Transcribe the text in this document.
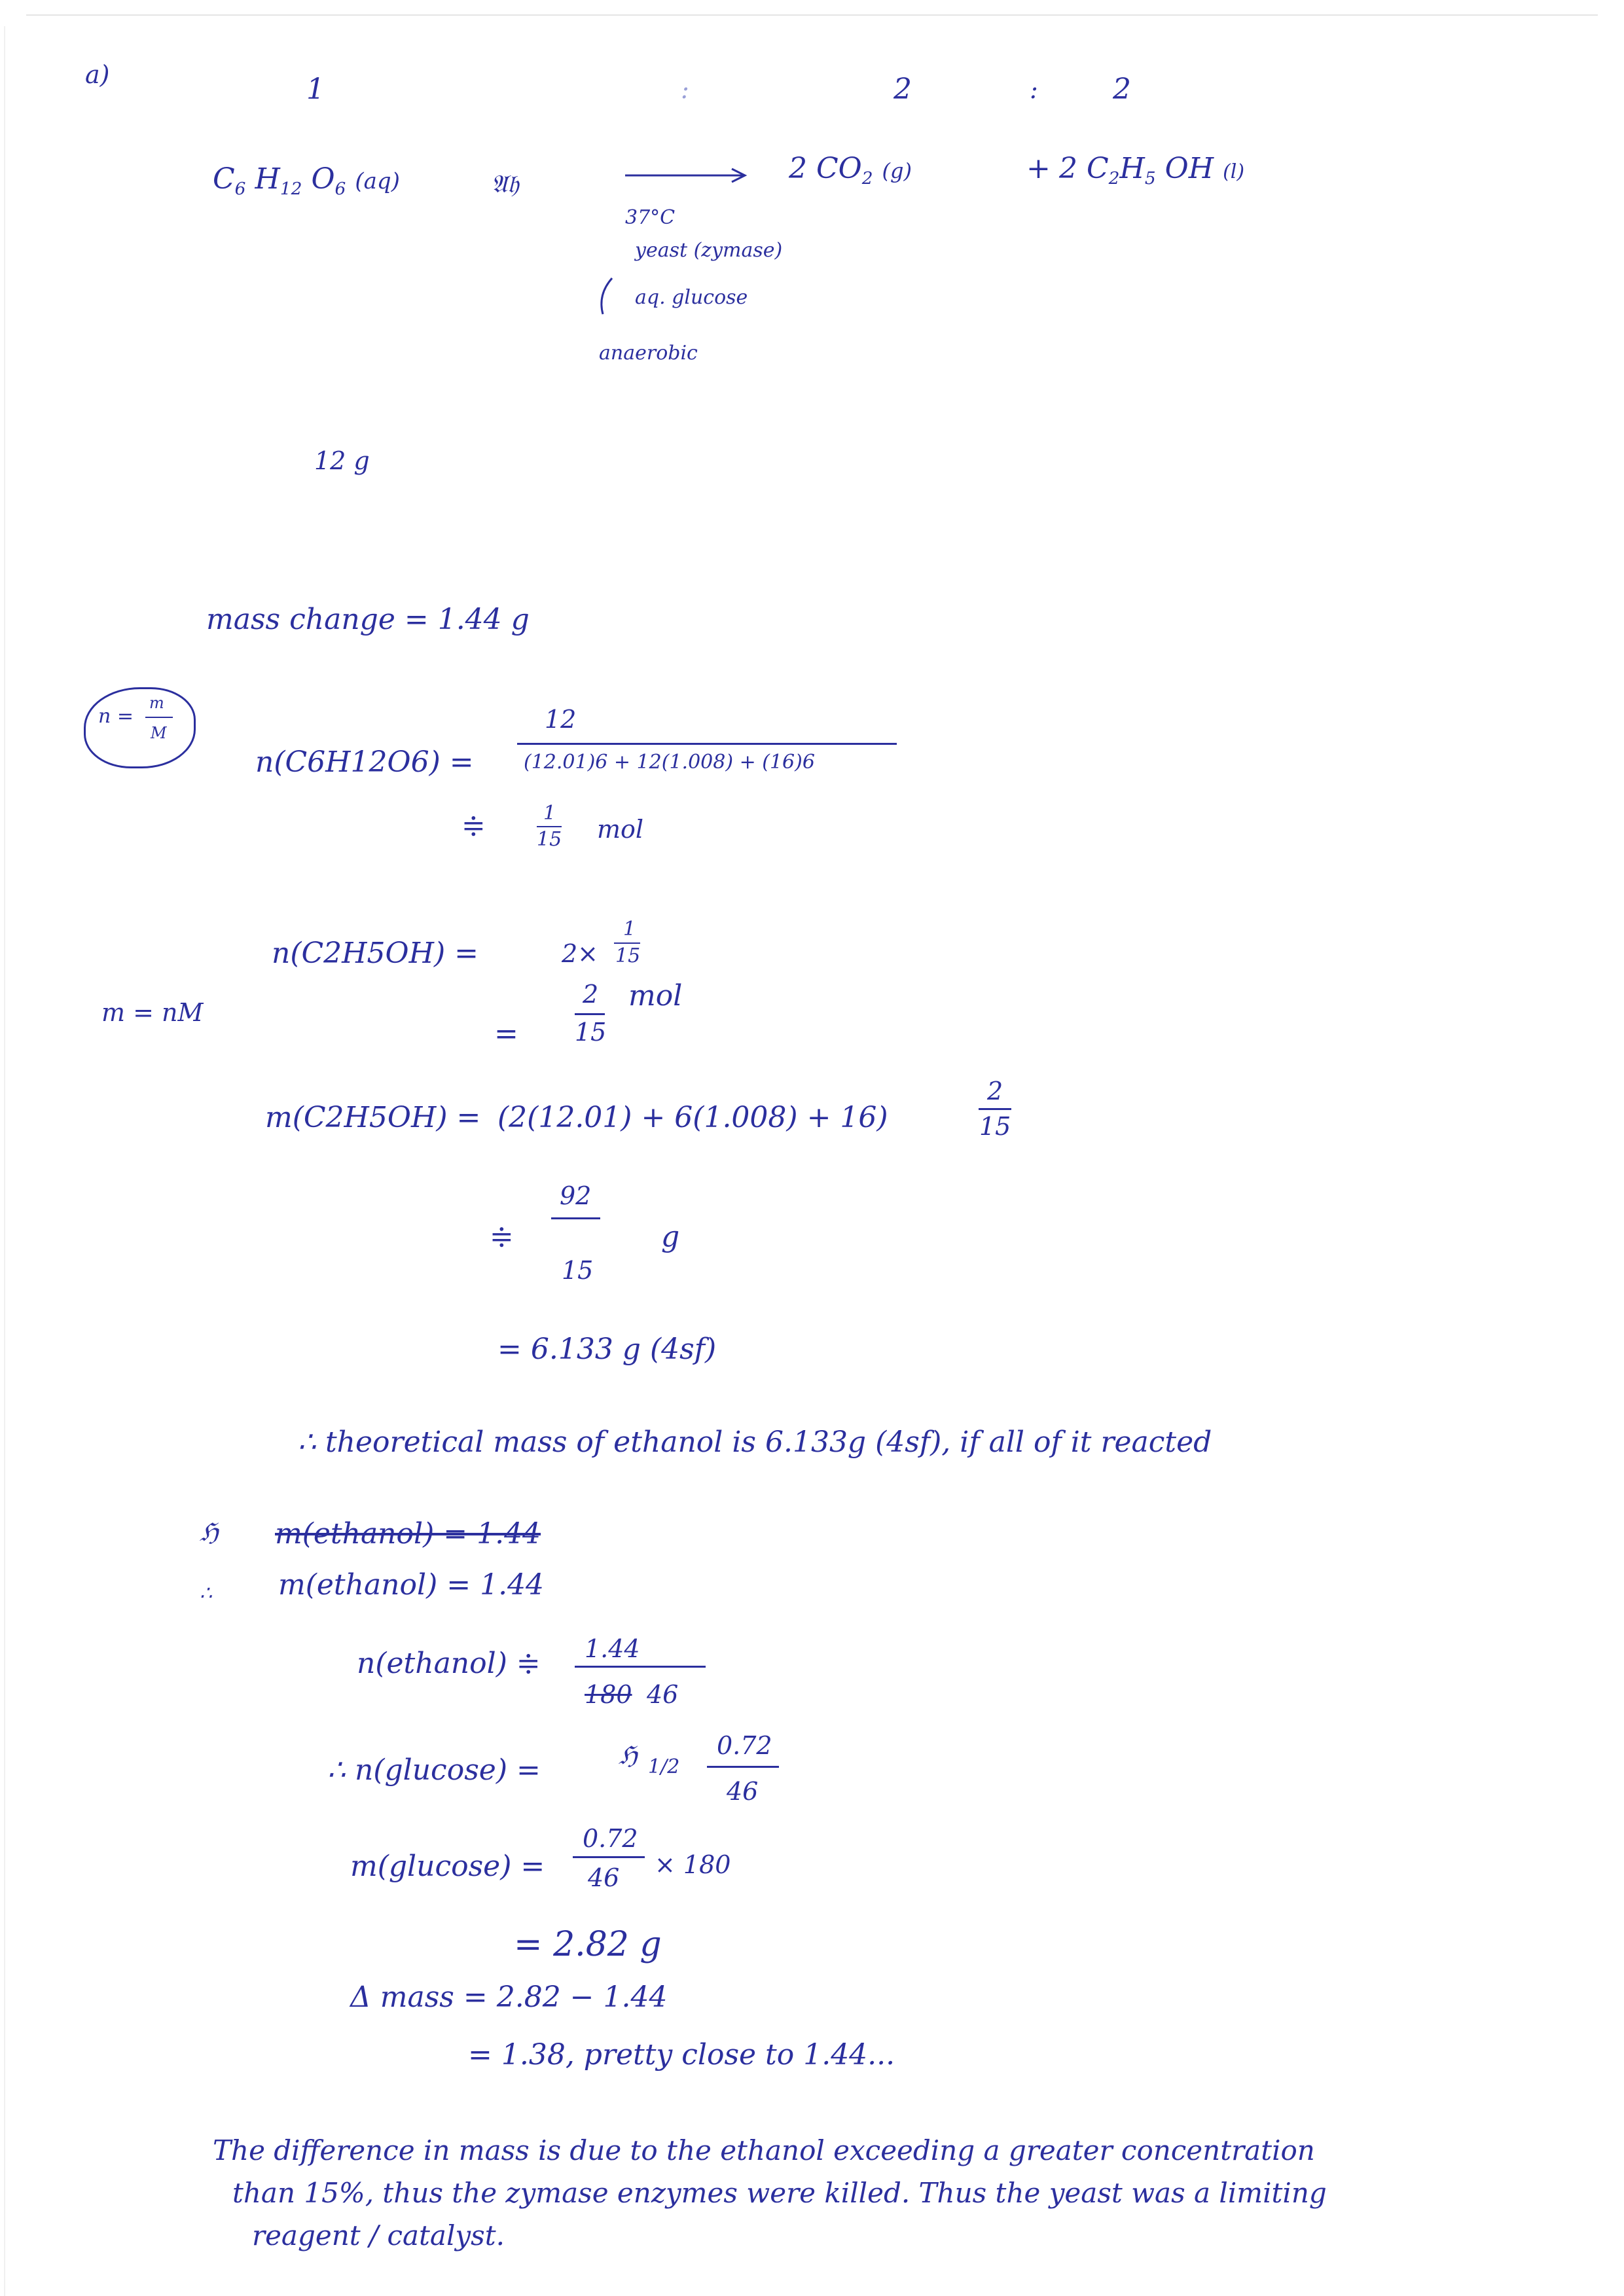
a)	1	:	2	:	2
$C_6$ $H_{12}$ $O_6$ (aq)	𝔄𝔥	2 $CO_2$ (g)	+ 2 $C_2H_5$ OH (l)
37°C
yeast (zymase)
aq. glucose
anaerobic
12 g
mass change = 1.44 g
n =
m
M
n(C6H12O6) =
12
(12.01)6 + 12(1.008) + (16)6
≑	1
15 mol
n(C2H5OH) =	2×
1
15
=
2
15
mol
m = nM
m(C2H5OH) = (2(12.01) + 6(1.008) + 16)
2
15
≑
92
15
g
= 6.133 g (4sf)
∴ theoretical mass of ethanol is 6.133g (4sf), if all of it reacted
ℌ m(ethanol) = 1.44
∴ m(ethanol) = 1.44
n(ethanol) ≑ 1.44
180 46
∴ n(glucose) =	ℌ 1/2
0.72
46
m(glucose) =
0.72
46 × 180
= 2.82 g
Δ mass = 2.82 − 1.44
= 1.38, pretty close to 1.44...
The difference in mass is due to the ethanol exceeding a greater concentration
than 15%, thus the zymase enzymes were killed. Thus the yeast was a limiting
reagent / catalyst.
